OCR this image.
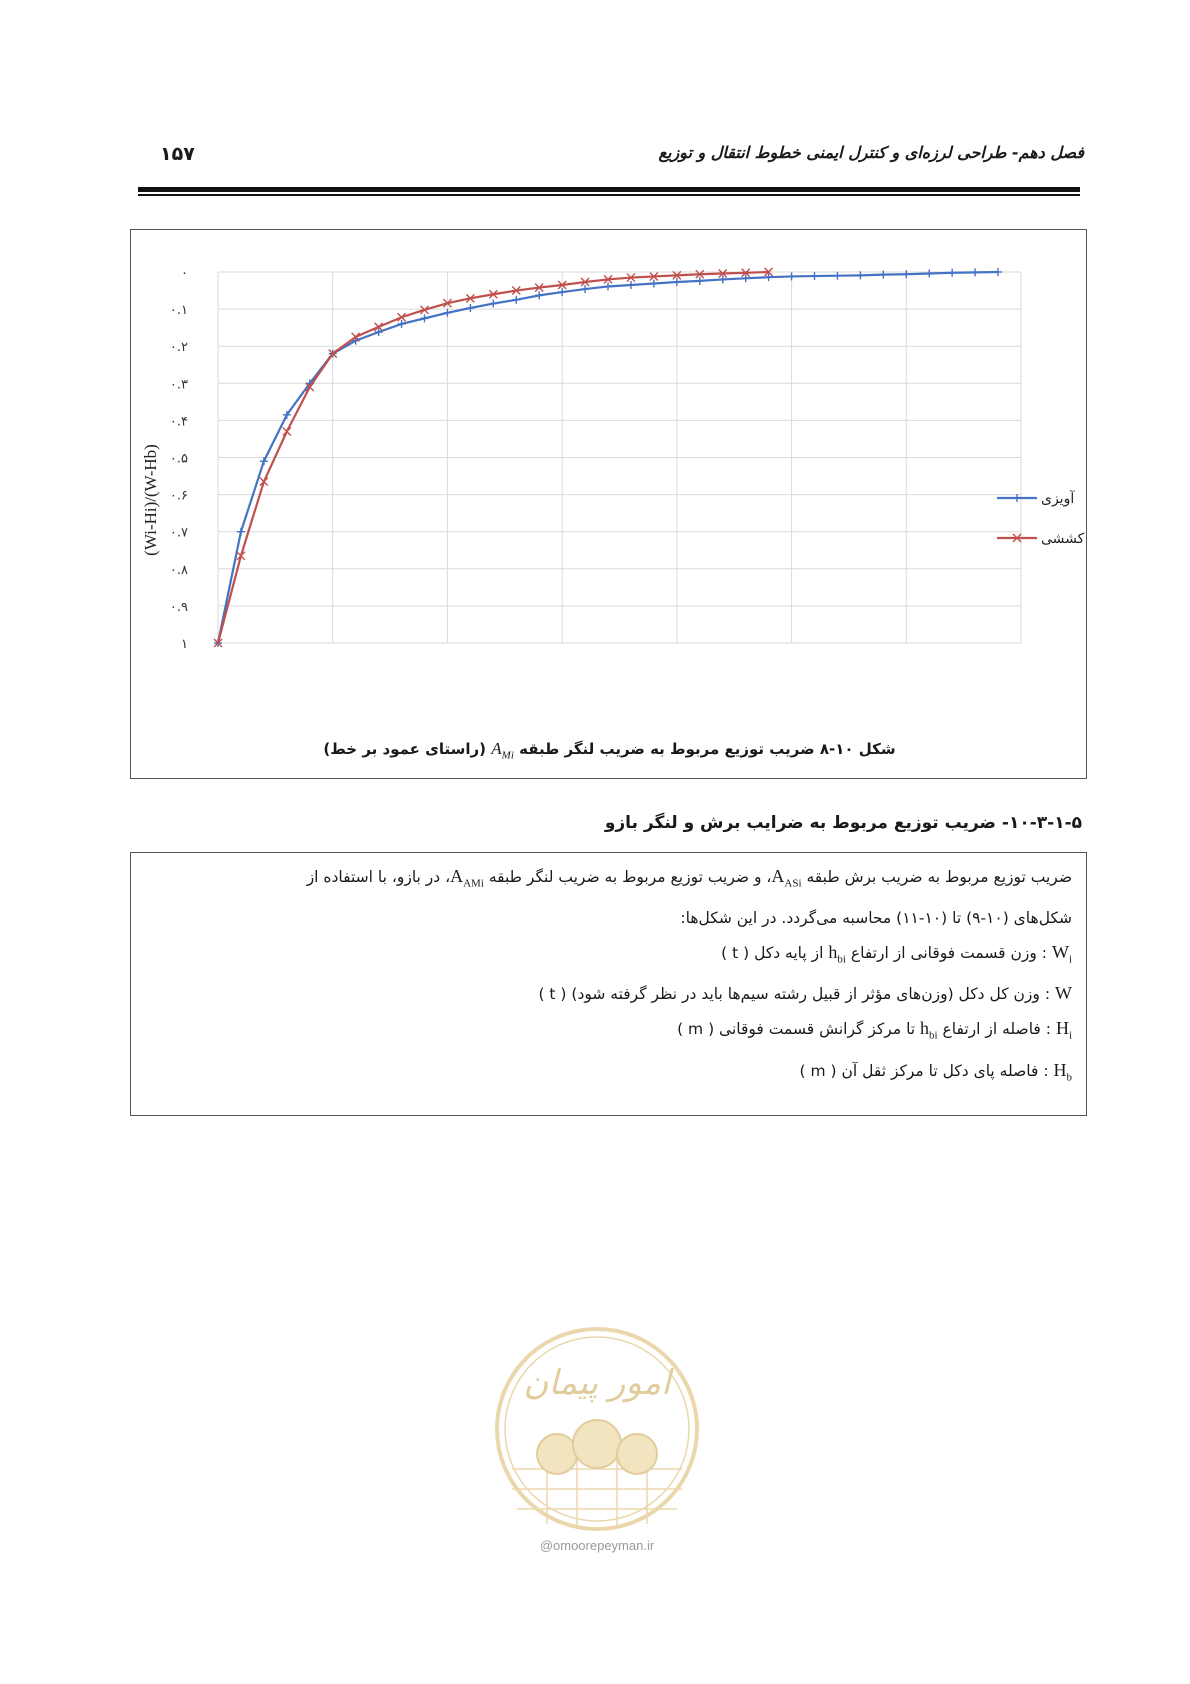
۱۵۷	فصل دهم- طراحی لرزه‌ای و کنترل ایمنی خطوط انتقال و توزیع
۰
۰.۱
۰.۲
۰.۳
۰.۴
۰.۵
۰.۶
۰.۷
۰.۸
۰.۹
۱
(Wi-Hi)/(W-Hb)	آویزی
کششی
شکل ۱۰-۸ ضریب توزیع مربوط به ضریب لنگر طبقه $A_{Mi}$ (راستای عمود بر خط)
۱۰-۳-۱-۵- ضریب توزیع مربوط به ضرایب برش و لنگر بازو

ضریب توزیع مربوط به ضریب برش طبقه $A_{ASi}،$ و ضریب توزیع مربوط به ضریب لنگر طبقه $A_{AMi}،$ در بازو، با استفاده از

شکل‌های (۱۰-۹) تا (۱۰-۱۱) محاسبه می‌گردد. در این شکل‌ها:

$W_i$ : وزن قسمت فوقانی از ارتفاع $h_{bi}$ از پایه دکل ( t )

W : وزن کل دکل (وزن‌های مؤثر از قبیل رشته سیم‌ها باید در نظر گرفته شود) ( t )

$H_i$ : فاصله از ارتفاع $h_{bi}$ تا مرکز گرانش قسمت فوقانی ( m )

$H_b$ : فاصله پای دکل تا مرکز ثقل آن ( m )

امور پیمان
@omoorepeyman.ir
